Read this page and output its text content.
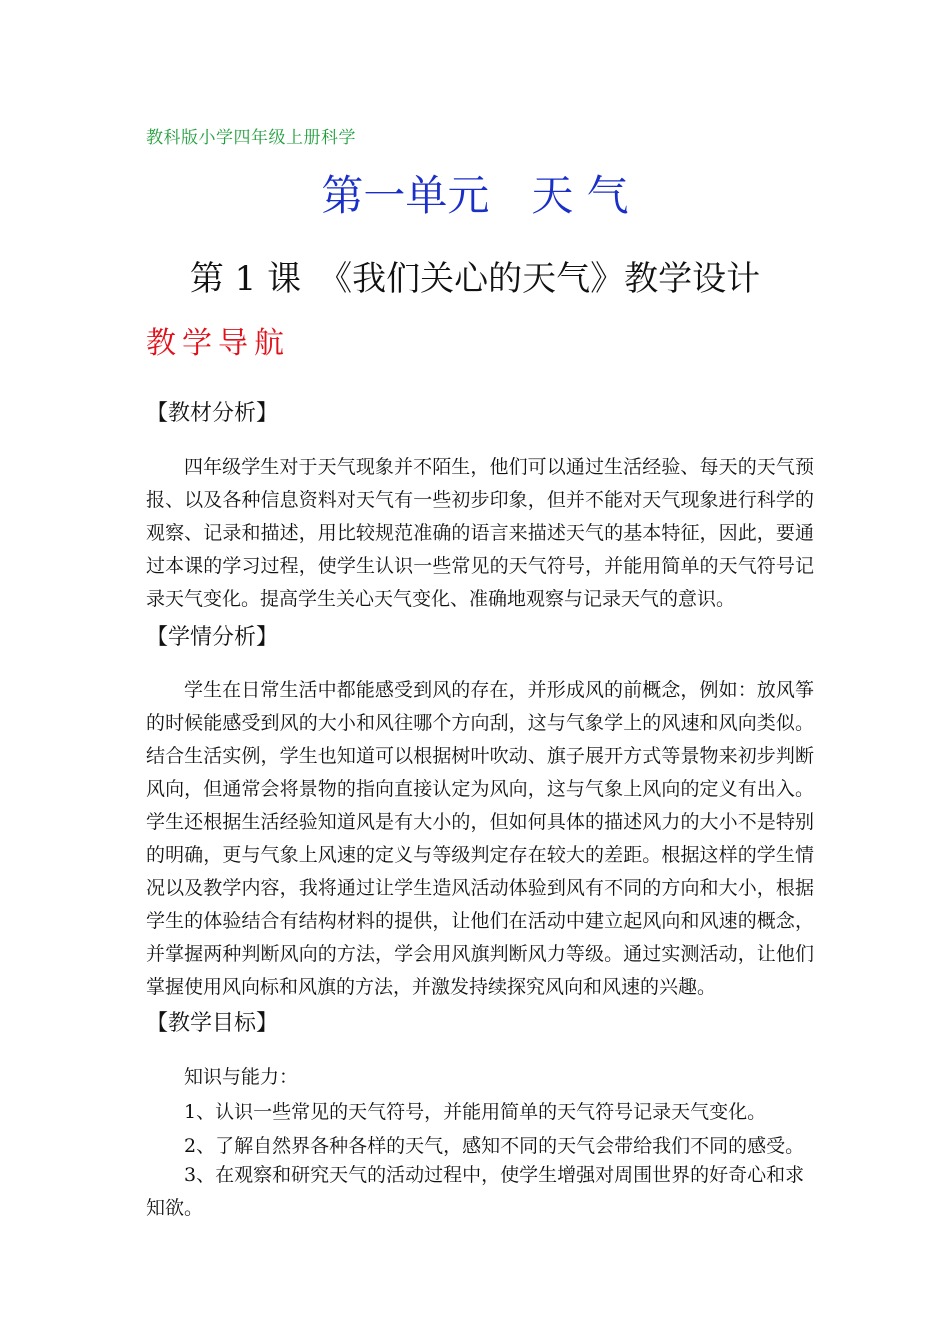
教科版小学四年级上册科学
第一单元　天 气
第 1 课　《我们关心的天气》教学设计
教学导航
【教材分析】

四年级学生对于天气现象并不陌生，他们可以通过生活经验、每天的天气预报、以及各种信息资料对天气有一些初步印象，但并不能对天气现象进行科学的观察、记录和描述，用比较规范准确的语言来描述天气的基本特征，因此，要通过本课的学习过程，使学生认识一些常见的天气符号，并能用简单的天气符号记录天气变化。提高学生关心天气变化、准确地观察与记录天气的意识。

【学情分析】

学生在日常生活中都能感受到风的存在，并形成风的前概念，例如：放风筝的时候能感受到风的大小和风往哪个方向刮，这与气象学上的风速和风向类似。结合生活实例，学生也知道可以根据树叶吹动、旗子展开方式等景物来初步判断风向，但通常会将景物的指向直接认定为风向，这与气象上风向的定义有出入。学生还根据生活经验知道风是有大小的，但如何具体的描述风力的大小不是特别的明确，更与气象上风速的定义与等级判定存在较大的差距。根据这样的学生情况以及教学内容，我将通过让学生造风活动体验到风有不同的方向和大小，根据学生的体验结合有结构材料的提供，让他们在活动中建立起风向和风速的概念，并掌握两种判断风向的方法，学会用风旗判断风力等级。通过实测活动，让他们掌握使用风向标和风旗的方法，并激发持续探究风向和风速的兴趣。

【教学目标】
知识与能力：
1、认识一些常见的天气符号，并能用简单的天气符号记录天气变化。
2、了解自然界各种各样的天气，感知不同的天气会带给我们不同的感受。

3、在观察和研究天气的活动过程中，使学生增强对周围世界的好奇心和求知欲。
